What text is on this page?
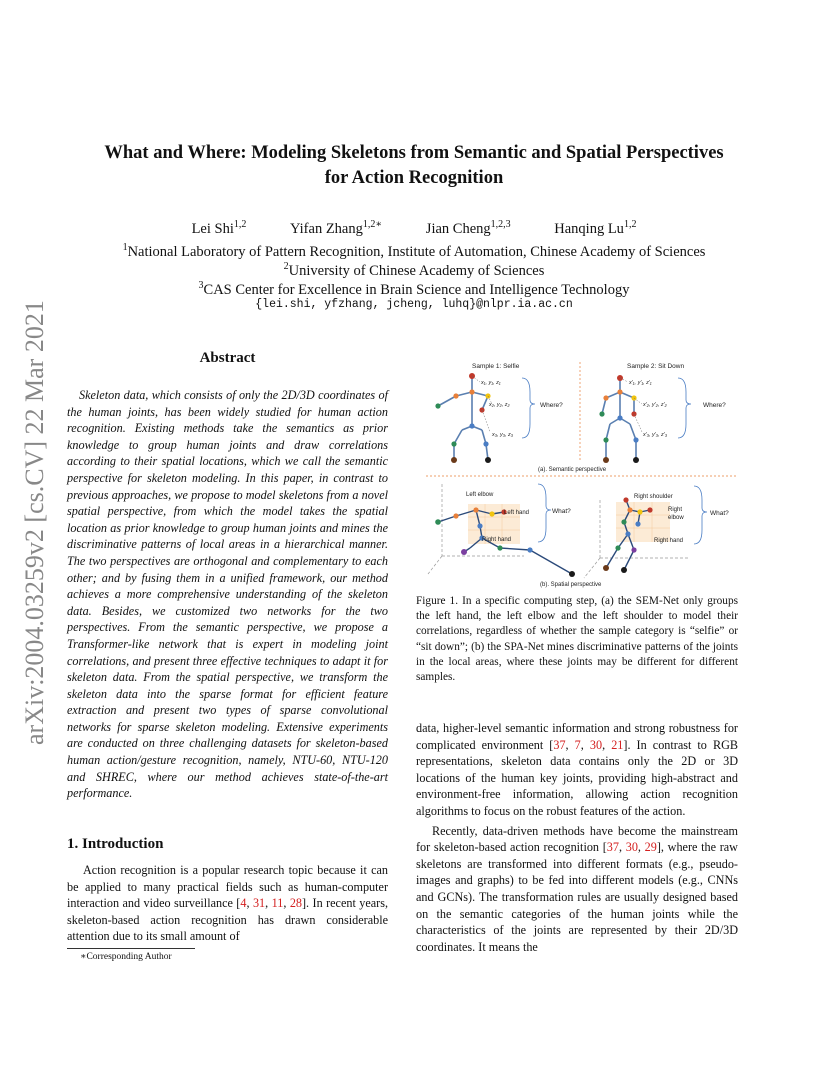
arXiv:2004.03259v2 [cs.CV] 22 Mar 2021
What and Where: Modeling Skeletons from Semantic and Spatial Perspectives
for Action Recognition
Lei Shi$^{1,2}$	Yifan Zhang$^{1,2∗}$	Jian Cheng$^{1,2,3}$	Hanqing Lu$^{1,2}$
$^1$National Laboratory of Pattern Recognition, Institute of Automation, Chinese Academy of Sciences
$^2$University of Chinese Academy of Sciences
$^3$CAS Center for Excellence in Brain Science and Intelligence Technology
{lei.shi, yfzhang, jcheng, luhq}@nlpr.ia.ac.cn
Abstract
Skeleton data, which consists of only the 2D/3D coordinates of the human joints, has been widely studied for human action recognition. Existing methods take the semantics as prior knowledge to group human joints and draw correlations according to their spatial locations, which we call the semantic perspective for skeleton modeling. In this paper, in contrast to previous approaches, we propose to model skeletons from a novel spatial perspective, from which the model takes the spatial location as prior knowledge to group human joints and mines the discriminative patterns of local areas in a hierarchical manner. The two perspectives are orthogonal and complementary to each other; and by fusing them in a unified framework, our method achieves a more comprehensive understanding of the skeleton data. Besides, we customized two networks for the two perspectives. From the semantic perspective, we propose a Transformer-like network that is expert in modeling joint correlations, and present three effective techniques to adapt it for skeleton data. From the spatial perspective, we transform the skeleton data into the sparse format for efficient feature extraction and present two types of sparse convolutional networks for sparse skeleton modeling. Extensive experiments are conducted on three challenging datasets for skeleton-based human action/gesture recognition, namely, NTU-60, NTU-120 and SHREC, where our method achieves state-of-the-art performance.
1. Introduction
Action recognition is a popular research topic because it can be applied to many practical fields such as human-computer interaction and video surveillance [4, 31, 11, 28]. In recent years, skeleton-based action recognition has drawn considerable attention due to its small amount of
∗Corresponding Author
Sample 1: Selfie	Sample 2: Sit Down
x₁, y₁, z₁
x₂, y₂, z₂
x₃, y₃, z₃
Where?
x′₁, y′₁, z′₁
x′₂, y′₂, z′₂
x′₃, y′₃, z′₃
Where?
(a). Semantic perspective
Left elbow
Left hand
Right hand
What?
Right shoulder
Right
elbow
Right hand
What?
(b). Spatial perspective
Figure 1. In a specific computing step, (a) the SEM-Net only groups the left hand, the left elbow and the left shoulder to model their correlations, regardless of whether the sample category is “selfie” or “sit down”; (b) the SPA-Net mines discriminative patterns of the joints in the local areas, where these joints may be different for different samples.
data, higher-level semantic information and strong robustness for complicated environment [37, 7, 30, 21]. In contrast to RGB representations, skeleton data contains only the 2D or 3D locations of the human key joints, providing high-abstract and environment-free information, allowing action recognition algorithms to focus on the robust features of the action.
Recently, data-driven methods have become the mainstream for skeleton-based action recognition [37, 30, 29], where the raw skeletons are transformed into different formats (e.g., pseudo-images and graphs) to be fed into different models (e.g., CNNs and GCNs). The transformation rules are usually designed based on the semantic categories of the human joints while the characteristics of the joints are represented by their 2D/3D coordinates. It means the
